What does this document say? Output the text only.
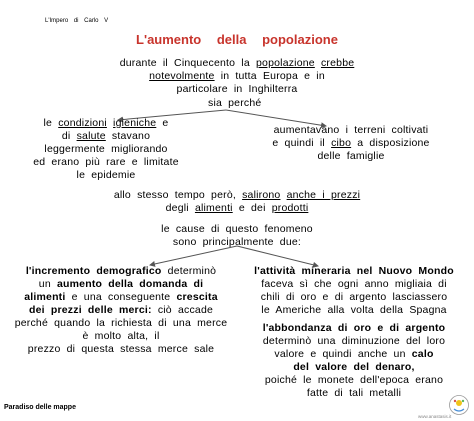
L'Impero di Carlo V
L'aumento della popolazione
durante il Cinquecento la popolazione crebbe
notevolmente in tutta Europa e in
particolare in Inghilterra
sia perché
le condizioni igieniche e
di salute stavano
leggermente migliorando
ed erano più rare e limitate
le epidemie
aumentavano i terreni coltivati
e quindi il cibo a disposizione
delle famiglie
allo stesso tempo però, salirono anche i prezzi
degli alimenti e dei prodotti
le cause di questo fenomeno
sono principalmente due:
l'incremento demografico determinò
un aumento della domanda di
alimenti e una conseguente crescita
dei prezzi delle merci: ciò accade
perché quando la richiesta di una merce
è molto alta, il
prezzo di questa stessa merce sale
l'attività mineraria nel Nuovo Mondo
faceva sì che ogni anno migliaia di
chili di oro e di argento lasciassero
le Americhe alla volta della Spagna
l'abbondanza di oro e di argento
determinò una diminuzione del loro
valore e quindi anche un calo
del valore del denaro,
poiché le monete dell'epoca erano
fatte di tali metalli
Paradiso delle mappe
www.anastasis.it
